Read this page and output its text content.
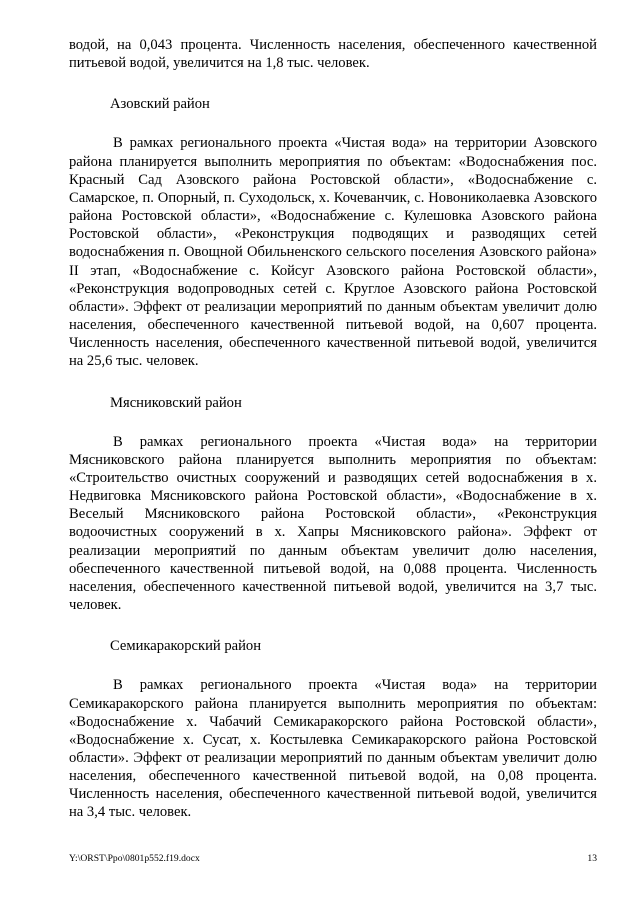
водой, на 0,043 процента. Численность населения, обеспеченного качественной питьевой водой, увеличится на 1,8 тыс. человек.

Азовский район

В рамках регионального проекта «Чистая вода» на территории Азовского района планируется выполнить мероприятия по объектам: «Водоснабжения пос. Красный Сад Азовского района Ростовской области», «Водоснабжение с. Самарское, п. Опорный, п. Суходольск, х. Кочеванчик, с. Новониколаевка Азовского района Ростовской области», «Водоснабжение с. Кулешовка Азовского района Ростовской области», «Реконструкция подводящих и разводящих сетей водоснабжения п. Овощной Обильненского сельского поселения Азовского района» II этап, «Водоснабжение с. Койсуг Азовского района Ростовской области», «Реконструкция водопроводных сетей с. Круглое Азовского района Ростовской области». Эффект от реализации мероприятий по данным объектам увеличит долю населения, обеспеченного качественной питьевой водой, на 0,607 процента. Численность населения, обеспеченного качественной питьевой водой, увеличится на 25,6 тыс. человек.

Мясниковский район

В рамках регионального проекта «Чистая вода» на территории Мясниковского района планируется выполнить мероприятия по объектам: «Строительство очистных сооружений и разводящих сетей водоснабжения в х. Недвиговка Мясниковского района Ростовской области», «Водоснабжение в х. Веселый Мясниковского района Ростовской области», «Реконструкция водоочистных сооружений в х. Хапры Мясниковского района». Эффект от реализации мероприятий по данным объектам увеличит долю населения, обеспеченного качественной питьевой водой, на 0,088 процента. Численность населения, обеспеченного качественной питьевой водой, увеличится на 3,7 тыс. человек.

Семикаракорский район

В рамках регионального проекта «Чистая вода» на территории Семикаракорского района планируется выполнить мероприятия по объектам: «Водоснабжение х. Чабачий Семикаракорского района Ростовской области», «Водоснабжение х. Сусат, х. Костылевка Семикаракорского района Ростовской области». Эффект от реализации мероприятий по данным объектам увеличит долю населения, обеспеченного качественной питьевой водой, на 0,08 процента. Численность населения, обеспеченного качественной питьевой водой, увеличится на 3,4 тыс. человек.

Y:\ORST\Ppo\0801p552.f19.docx	13
